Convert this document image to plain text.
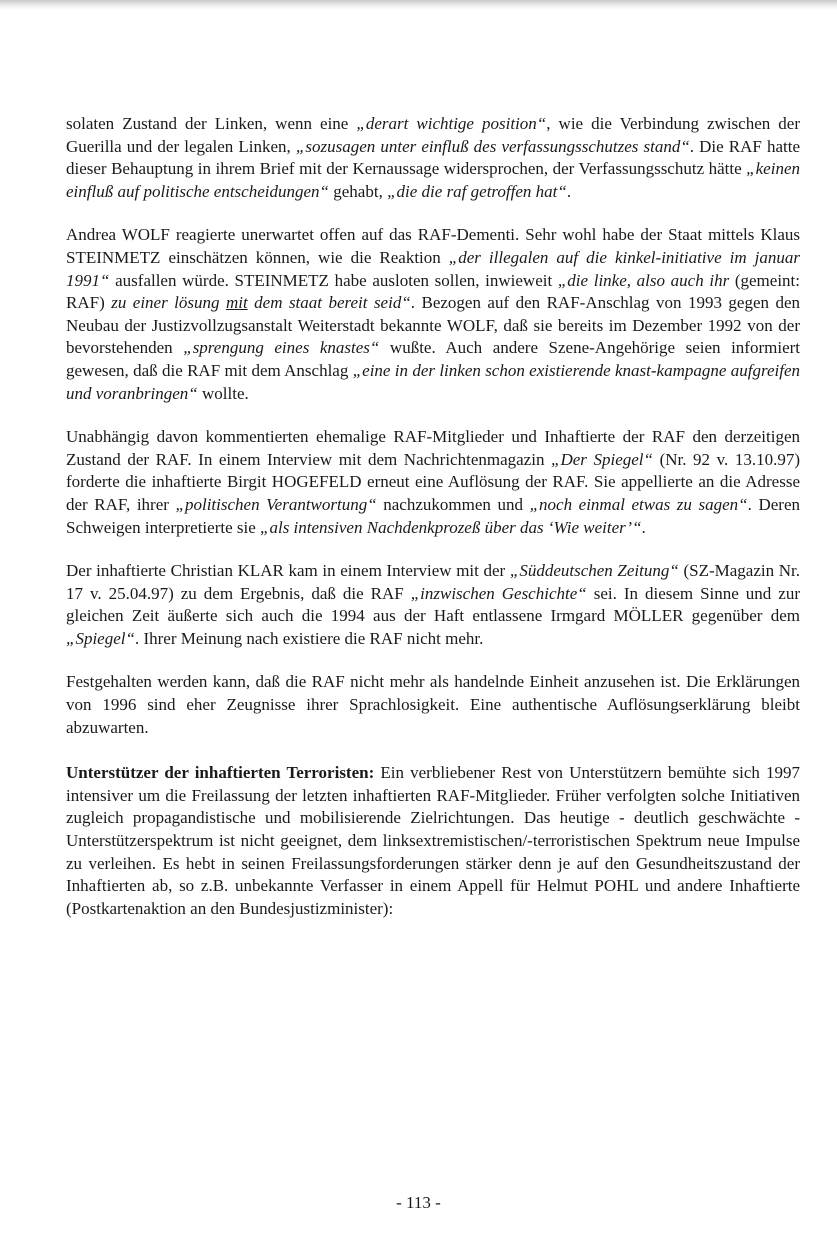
solaten Zustand der Linken, wenn eine „derart wichtige position“, wie die Verbindung zwischen der Guerilla und der legalen Linken, „sozusagen unter einfluß des verfassungsschutzes stand“. Die RAF hatte dieser Behauptung in ihrem Brief mit der Kernaussage widersprochen, der Verfassungsschutz hätte „keinen einfluß auf politische entscheidungen“ gehabt, „die die raf getroffen hat“.

Andrea WOLF reagierte unerwartet offen auf das RAF-Dementi. Sehr wohl habe der Staat mittels Klaus STEINMETZ einschätzen können, wie die Reaktion „der illegalen auf die kinkel-initiative im januar 1991“ ausfallen würde. STEINMETZ habe ausloten sollen, inwieweit „die linke, also auch ihr (gemeint: RAF) zu einer lösung mit dem staat bereit seid“. Bezogen auf den RAF-Anschlag von 1993 gegen den Neubau der Justizvollzugsanstalt Weiterstadt bekannte WOLF, daß sie bereits im Dezember 1992 von der bevorstehenden „sprengung eines knastes“ wußte. Auch andere Szene-Angehörige seien informiert gewesen, daß die RAF mit dem Anschlag „eine in der linken schon existierende knast-kampagne aufgreifen und voranbringen“ wollte.

Unabhängig davon kommentierten ehemalige RAF-Mitglieder und Inhaftierte der RAF den derzeitigen Zustand der RAF. In einem Interview mit dem Nachrichtenmagazin „Der Spiegel“ (Nr. 92 v. 13.10.97) forderte die inhaftierte Birgit HOGEFELD erneut eine Auflösung der RAF. Sie appellierte an die Adresse der RAF, ihrer „politischen Verantwortung“ nachzukommen und „noch einmal etwas zu sagen“. Deren Schweigen interpretierte sie „als intensiven Nachdenkprozeß über das ‘Wie weiter’“.

Der inhaftierte Christian KLAR kam in einem Interview mit der „Süddeutschen Zeitung“ (SZ-Magazin Nr. 17 v. 25.04.97) zu dem Ergebnis, daß die RAF „inzwischen Geschichte“ sei. In diesem Sinne und zur gleichen Zeit äußerte sich auch die 1994 aus der Haft entlassene Irmgard MÖLLER gegenüber dem „Spiegel“. Ihrer Meinung nach existiere die RAF nicht mehr.

Festgehalten werden kann, daß die RAF nicht mehr als handelnde Einheit anzusehen ist. Die Erklärungen von 1996 sind eher Zeugnisse ihrer Sprachlosigkeit. Eine authentische Auflösungserklärung bleibt abzuwarten.

Unterstützer der inhaftierten Terroristen: Ein verbliebener Rest von Unterstützern bemühte sich 1997 intensiver um die Freilassung der letzten inhaftierten RAF-Mitglieder. Früher verfolgten solche Initiativen zugleich propagandistische und mobilisierende Zielrichtungen. Das heutige - deutlich geschwächte - Unterstützerspektrum ist nicht geeignet, dem linksextremistischen/-terroristischen Spektrum neue Impulse zu verleihen. Es hebt in seinen Freilassungsforderungen stärker denn je auf den Gesundheitszustand der Inhaftierten ab, so z.B. unbekannte Verfasser in einem Appell für Helmut POHL und andere Inhaftierte (Postkartenaktion an den Bundesjustizminister):

- 113 -
